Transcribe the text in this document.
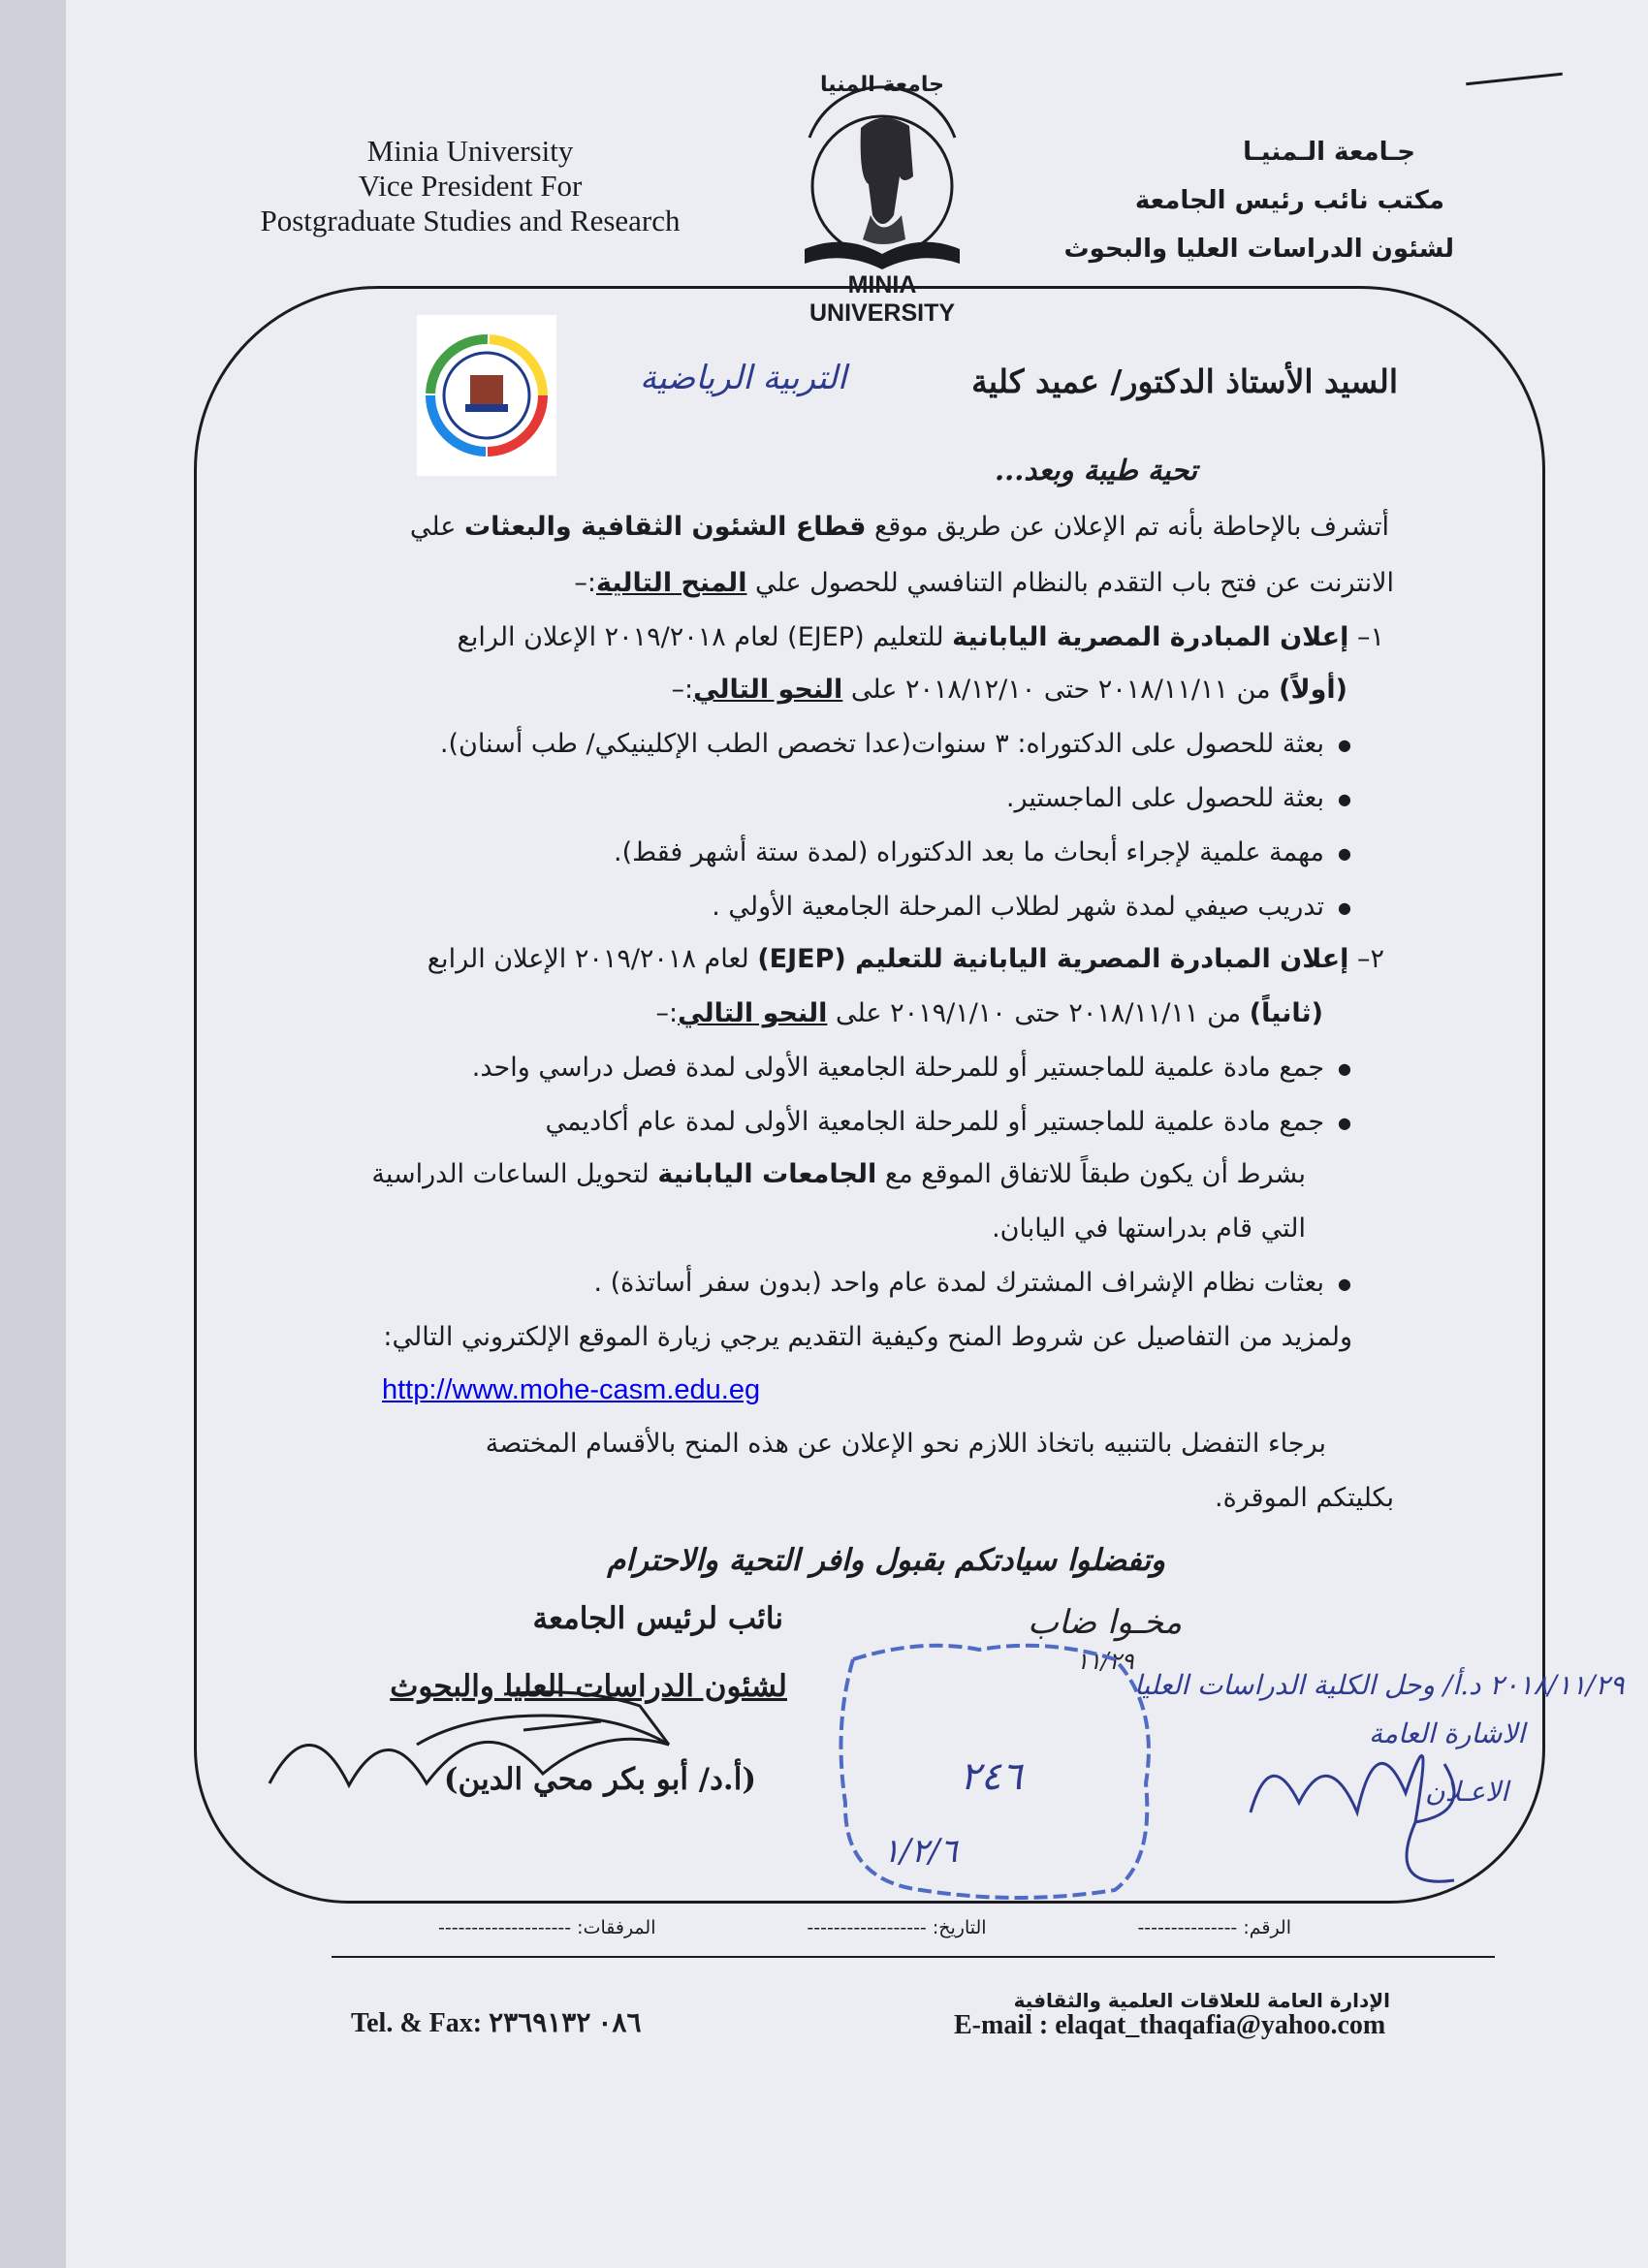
Minia University
Vice President For
Postgraduate Studies and Research
جـامعة الـمنيـا
مكتب نائب رئيس الجامعة
لشئون الدراسات العليا والبحوث
جامعة المنيا
MINIA UNIVERSITY
السيد الأستاذ الدكتور/ عميد كلية
التربية الرياضية
تحية طيبة وبعد...
أتشرف بالإحاطة بأنه تم الإعلان عن طريق موقع قطاع الشئون الثقافية والبعثات علي
الانترنت عن فتح باب التقدم بالنظام التنافسي للحصول علي المنح التالية:–
١– إعلان المبادرة المصرية اليابانية للتعليم (EJEP) لعام ٢٠١٩/٢٠١٨ الإعلان الرابع
(أولاً) من ٢٠١٨/١١/١١ حتى ٢٠١٨/١٢/١٠ على النحو التالي:–
● بعثة للحصول على الدكتوراه: ٣ سنوات(عدا تخصص الطب الإكلينيكي/ طب أسنان).
● بعثة للحصول على الماجستير.
● مهمة علمية لإجراء أبحاث ما بعد الدكتوراه (لمدة ستة أشهر فقط).
● تدريب صيفي لمدة شهر لطلاب المرحلة الجامعية الأولي .
٢– إعلان المبادرة المصرية اليابانية للتعليم (EJEP) لعام ٢٠١٩/٢٠١٨ الإعلان الرابع
(ثانياً) من ٢٠١٨/١١/١١ حتى ٢٠١٩/١/١٠ على النحو التالي:–
● جمع مادة علمية للماجستير أو للمرحلة الجامعية الأولى لمدة فصل دراسي واحد.
● جمع مادة علمية للماجستير أو للمرحلة الجامعية الأولى لمدة عام أكاديمي
بشرط أن يكون طبقاً للاتفاق الموقع مع الجامعات اليابانية لتحويل الساعات الدراسية
التي قام بدراستها في اليابان.
● بعثات نظام الإشراف المشترك لمدة عام واحد (بدون سفر أساتذة) .
ولمزيد من التفاصيل عن شروط المنح وكيفية التقديم يرجي زيارة الموقع الإلكتروني التالي:
http://www.mohe-casm.edu.eg
برجاء التفضل بالتنبيه باتخاذ اللازم نحو الإعلان عن هذه المنح بالأقسام المختصة
بكليتكم الموقرة.
وتفضلوا سيادتكم بقبول وافر التحية والاحترام
نائب لرئيس الجامعة
لشئون الدراسات العليا والبحوث
(أ.د/ أبو بكر محي الدين)
مخـوا ضاب
١١/٢٩
٢٠١٨/١١/٢٩ د.أ/ وحل الكلية الدراسات العليا
الاشارة العامة
الاعـلان
٢٤٦
١/٢/٦
الرقم: ---------------
التاريخ: ------------------
المرفقات: --------------------
الإدارة العامة للعلاقات العلمية والثقافية
Tel. & Fax: ٠٨٦ ٢٣٦٩١٣٢	E-mail : elaqat_thaqafia@yahoo.com
